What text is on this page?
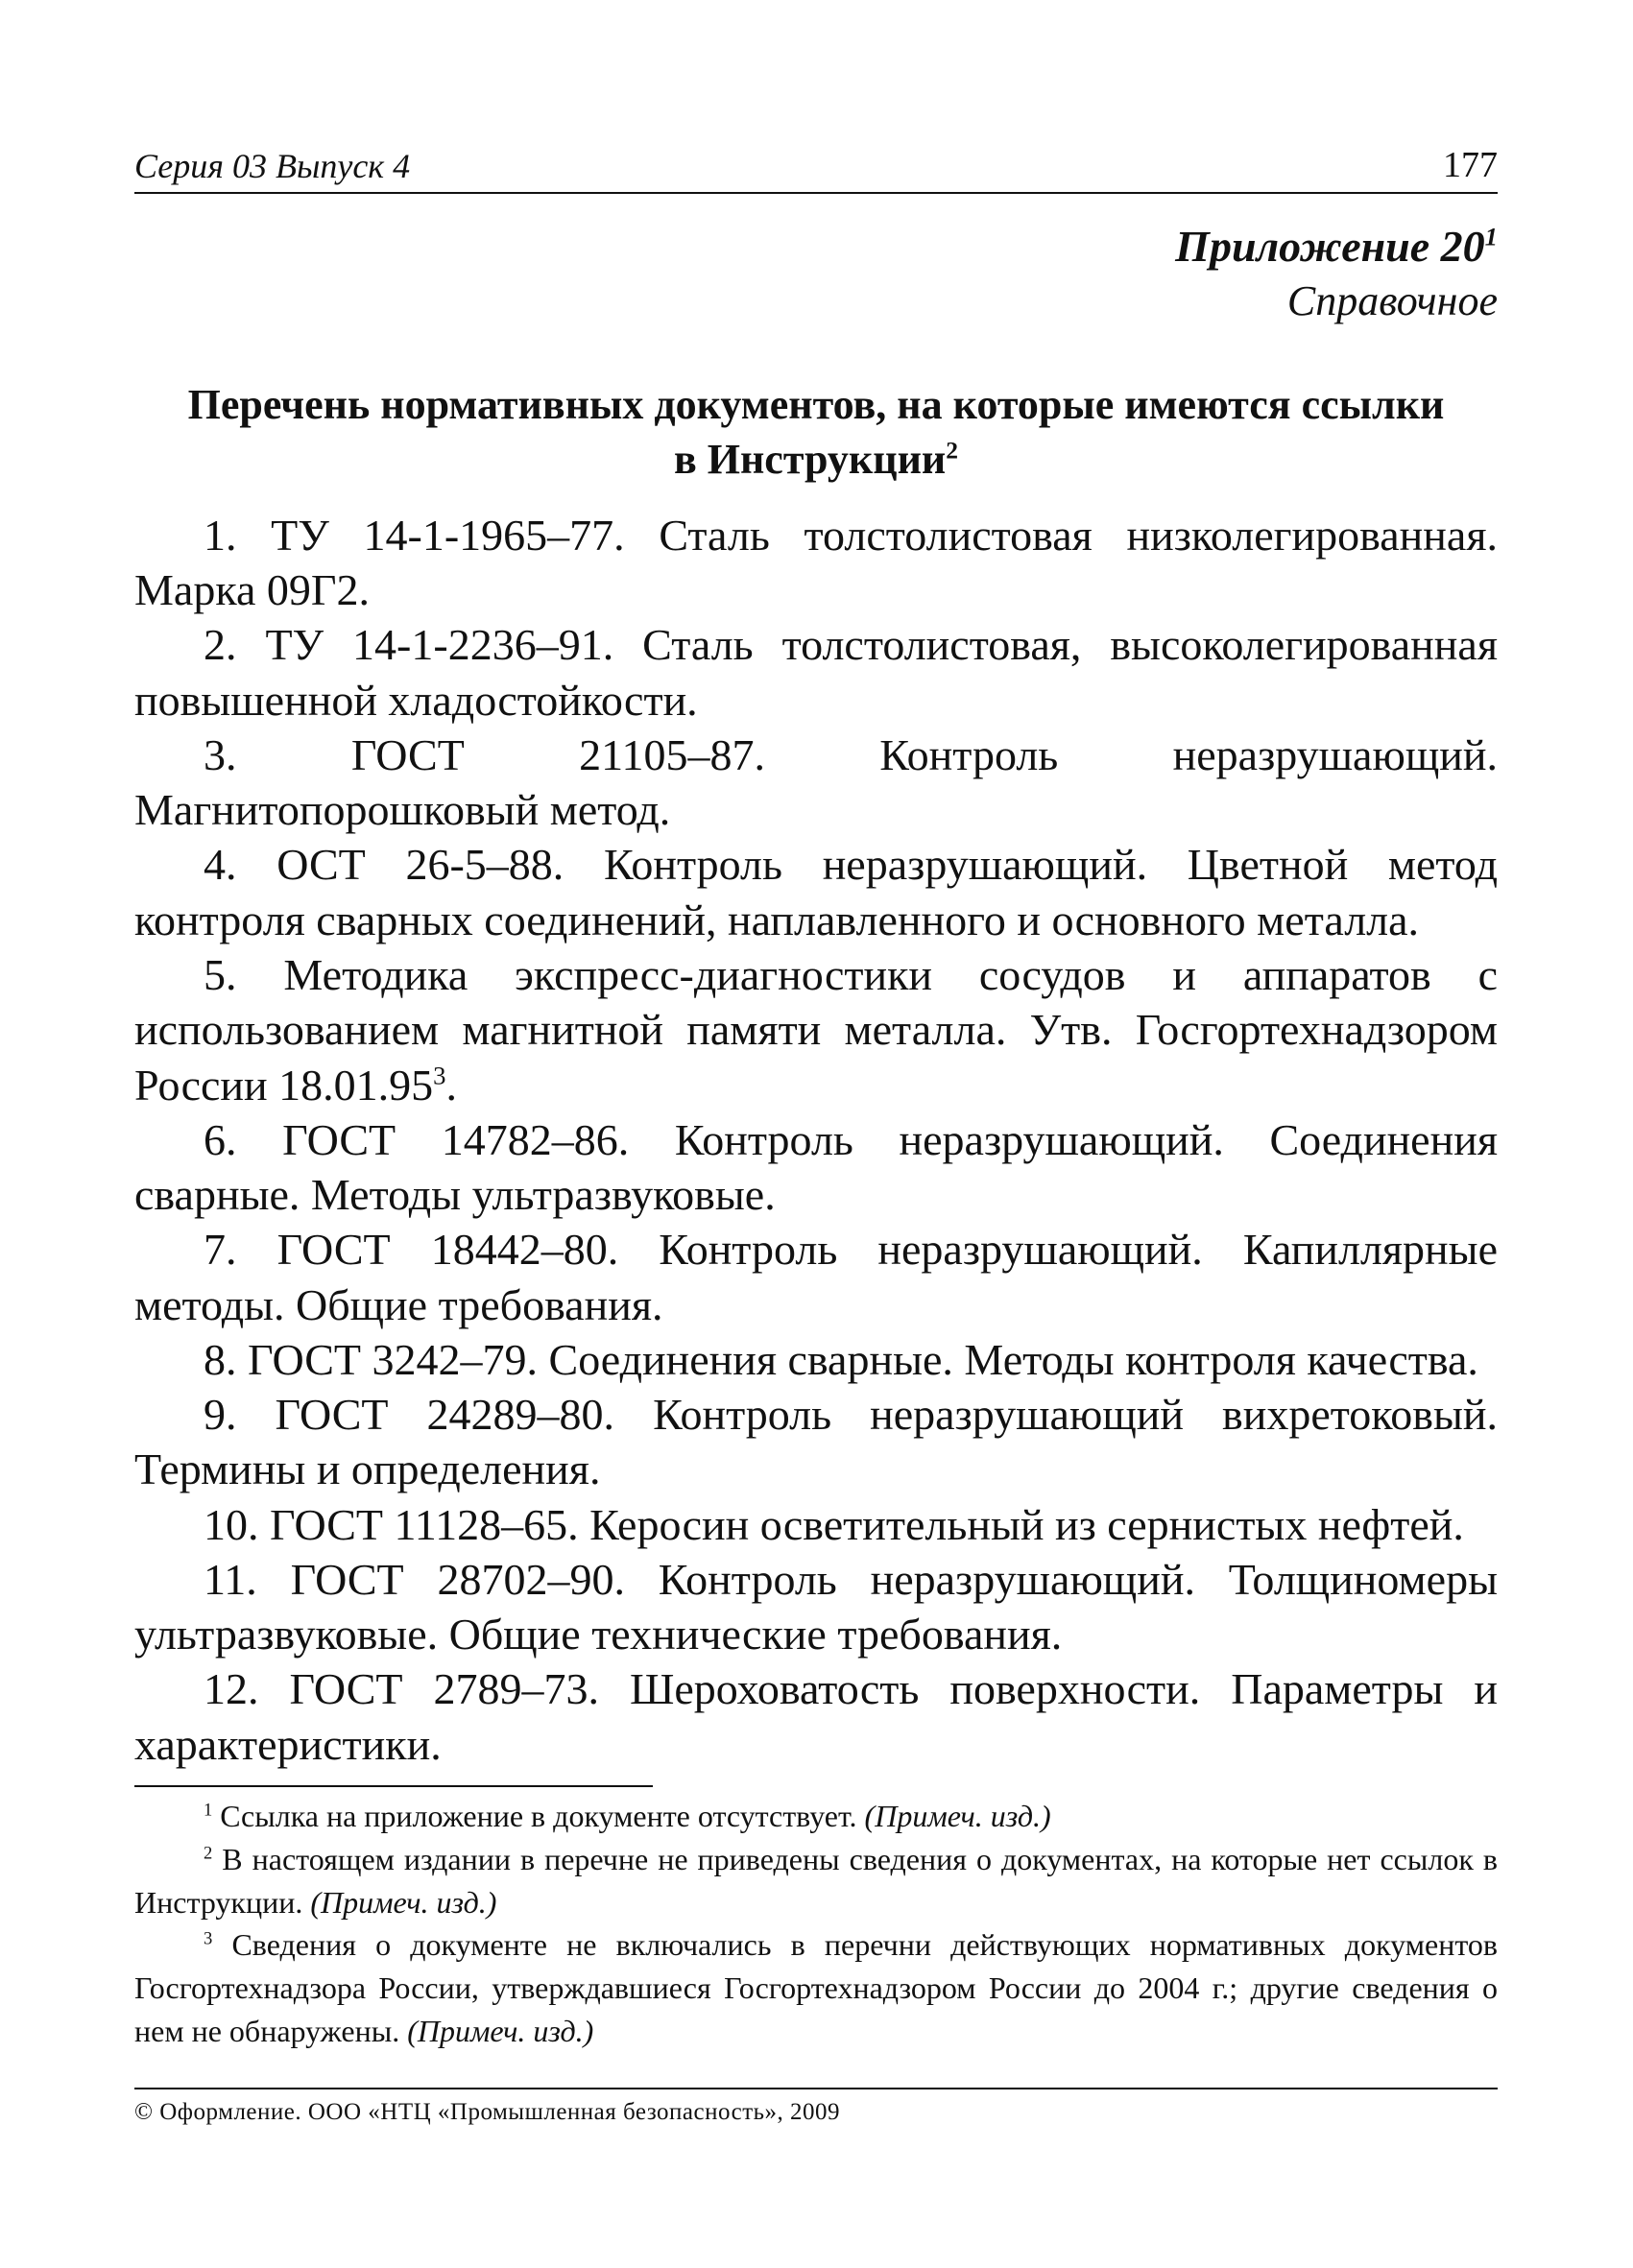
Серия 03 Выпуск 4	177
Приложение $20^1$
Справочное
Перечень нормативных документов, на которые имеются ссылки в Инструкции$^2$

1. ТУ 14-1-1965–77. Сталь толстолистовая низколегированная. Марка 09Г2.

2. ТУ 14-1-2236–91. Сталь толстолистовая, высоколегированная повышенной хладостойкости.

3. ГОСТ 21105–87. Контроль неразрушающий. Магнитопорошковый метод.

4. ОСТ 26-5–88. Контроль неразрушающий. Цветной метод контроля сварных соединений, наплавленного и основного металла.

5. Методика экспресс-диагностики сосудов и аппаратов с использованием магнитной памяти металла. Утв. Госгортехнадзором России 18.01.95$^3$.

6. ГОСТ 14782–86. Контроль неразрушающий. Соединения сварные. Методы ультразвуковые.

7. ГОСТ 18442–80. Контроль неразрушающий. Капиллярные методы. Общие требования.

8. ГОСТ 3242–79. Соединения сварные. Методы контроля качества.

9. ГОСТ 24289–80. Контроль неразрушающий вихретоковый. Термины и определения.

10. ГОСТ 11128–65. Керосин осветительный из сернистых нефтей.

11. ГОСТ 28702–90. Контроль неразрушающий. Толщиномеры ультразвуковые. Общие технические требования.

12. ГОСТ 2789–73. Шероховатость поверхности. Параметры и характеристики.

$^1$ Ссылка на приложение в документе отсутствует. (Примеч. изд.)

$^2$ В настоящем издании в перечне не приведены сведения о документах, на которые нет ссылок в Инструкции. (Примеч. изд.)

$^3$ Сведения о документе не включались в перечни действующих нормативных документов Госгортехнадзора России, утверждавшиеся Госгортехнадзором России до 2004 г.; другие сведения о нем не обнаружены. (Примеч. изд.)

© Оформление. ООО «НТЦ «Промышленная безопасность», 2009
